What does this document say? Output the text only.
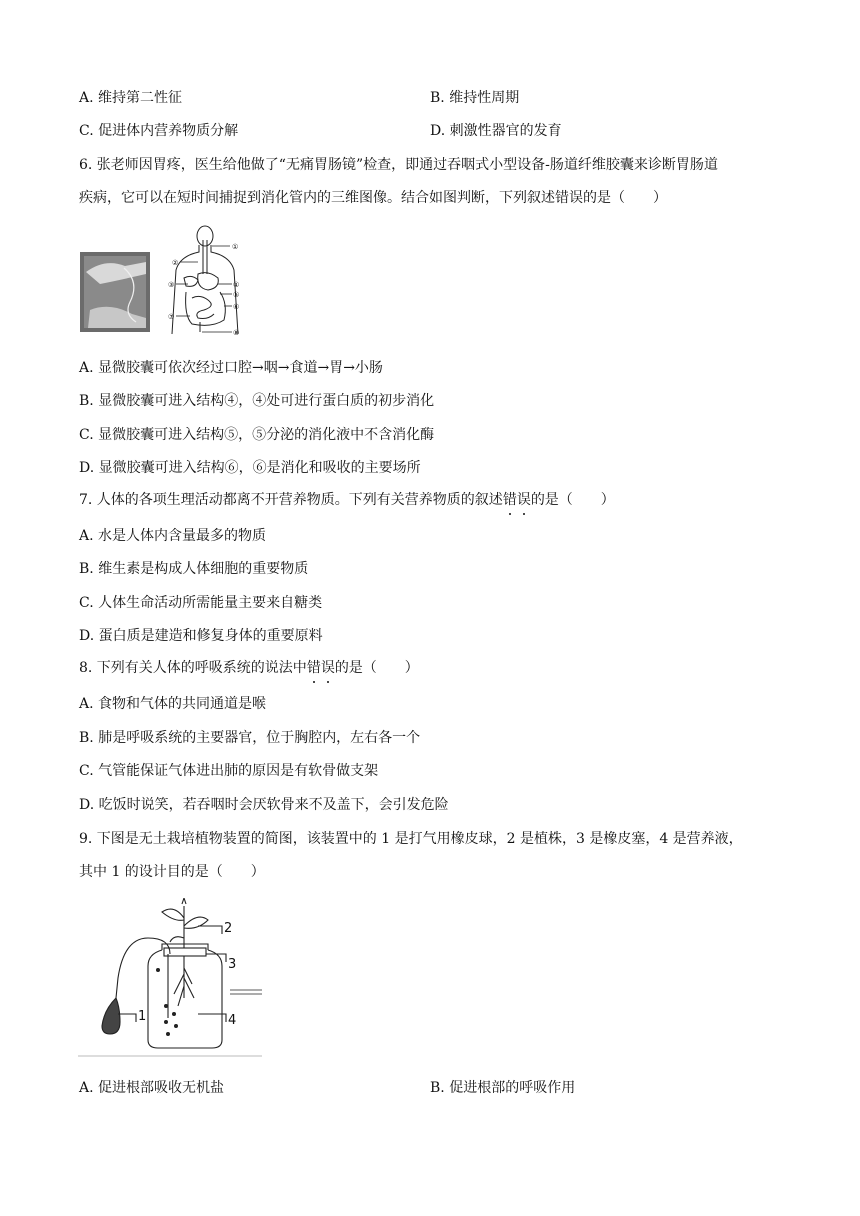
A. 维持第二性征	B. 维持性周期
C. 促进体内营养物质分解	D. 刺激性器官的发育
6. 张老师因胃疼，医生给他做了“无痛胃肠镜”检查，即通过吞咽式小型设备-肠道纤维胶囊来诊断胃肠道
疾病，它可以在短时间捕捉到消化管内的三维图像。结合如图判断，下列叙述错误的是（　　）
①
②
③	④
⑤
⑥
⑦
⑧
A. 显微胶囊可依次经过口腔→咽→食道→胃→小肠
B. 显微胶囊可进入结构④，④处可进行蛋白质的初步消化
C. 显微胶囊可进入结构⑤，⑤分泌的消化液中不含消化酶
D. 显微胶囊可进入结构⑥，⑥是消化和吸收的主要场所
7. 人体的各项生理活动都离不开营养物质。下列有关营养物质的叙述错误的是（　　）
A. 水是人体内含量最多的物质
B. 维生素是构成人体细胞的重要物质
C. 人体生命活动所需能量主要来自糖类
D. 蛋白质是建造和修复身体的重要原料
8. 下列有关人体的呼吸系统的说法中错误的是（　　）
A. 食物和气体的共同通道是喉
B. 肺是呼吸系统的主要器官，位于胸腔内，左右各一个
C. 气管能保证气体进出肺的原因是有软骨做支架
D. 吃饭时说笑，若吞咽时会厌软骨来不及盖下，会引发危险
9. 下图是无土栽培植物装置的简图，该装置中的 1 是打气用橡皮球，2 是植株，3 是橡皮塞，4 是营养液，
其中 1 的设计目的是（　　）
2
3
4
1
A. 促进根部吸收无机盐	B. 促进根部的呼吸作用
